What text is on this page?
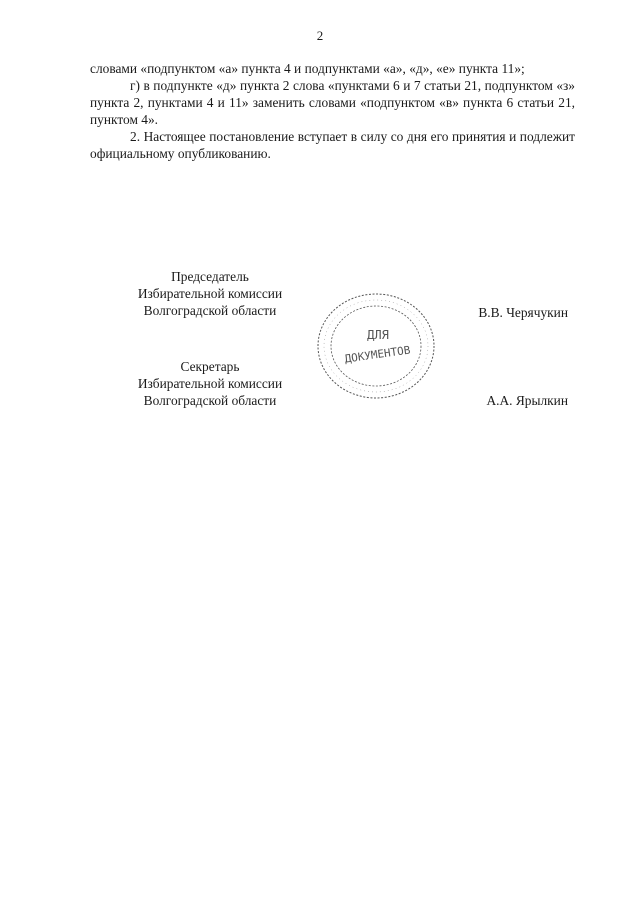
2

словами «подпунктом «а» пункта 4 и подпунктами «а», «д», «е» пункта 11»;

г) в подпункте «д» пункта 2 слова «пунктами 6 и 7 статьи 21, подпунктом «з» пункта 2, пунктами 4 и 11» заменить словами «подпунктом «в» пункта 6 статьи 21, пунктом 4».

2. Настоящее постановление вступает в силу со дня его принятия и подлежит официальному опубликованию.

Председатель
Избирательной комиссии
Волгоградской области	В.В. Черячукин
ДЛЯ
ДОКУМЕНТОВ
Секретарь
Избирательной комиссии
Волгоградской области	А.А. Ярылкин
